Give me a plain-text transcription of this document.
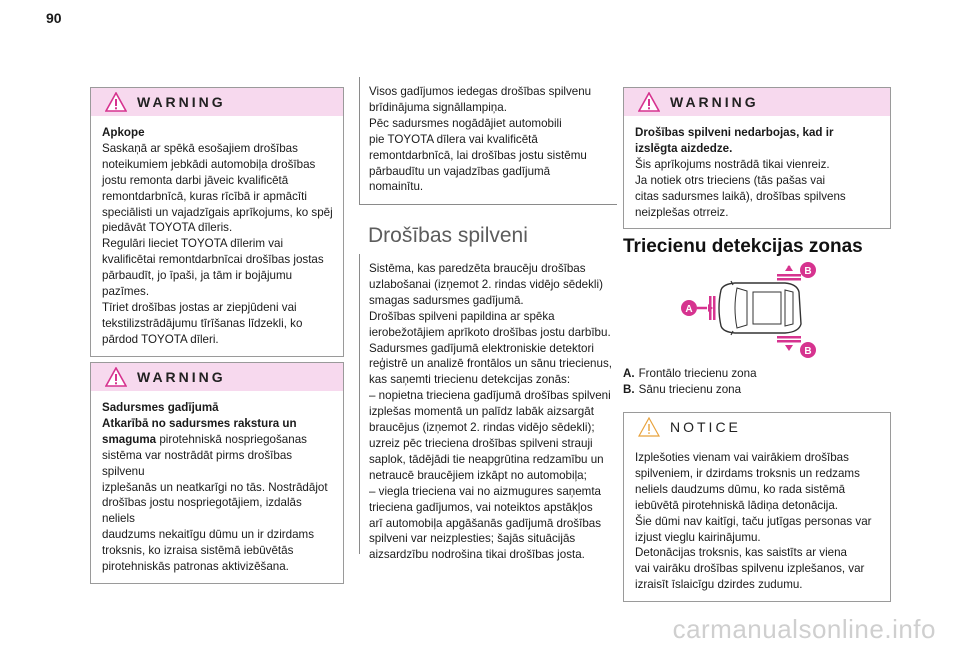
90
WARNING

Apkope

Saskaņā ar spēkā esošajiem drošības

noteikumiem jebkādi automobiļa drošības

jostu remonta darbi jāveic kvalificētā

remontdarbnīcā, kuras rīcībā ir apmācīti

speciālisti un vajadzīgais aprīkojums, ko spēj

piedāvāt TOYOTA dīleris.

Regulāri lieciet TOYOTA dīlerim vai

kvalificētai remontdarbnīcai drošības jostas

pārbaudīt, jo īpaši, ja tām ir bojājumu

pazīmes.

Tīriet drošības jostas ar ziepjūdeni vai

tekstilizstrādājumu tīrīšanas līdzekli, ko

pārdod TOYOTA dīleri.

WARNING

Sadursmes gadījumā

Atkarībā no sadursmes rakstura un

smaguma pirotehniskā nospriegošanas

sistēma var nostrādāt pirms drošības spilvenu

izplešanās un neatkarīgi no tās. Nostrādājot

drošības jostu nospriegotājiem, izdalās neliels

daudzums nekaitīgu dūmu un ir dzirdams

troksnis, ko izraisa sistēmā iebūvētās

pirotehniskās patronas aktivizēšana.

Visos gadījumos iedegas drošības spilvenu

brīdinājuma signāllampiņa.

Pēc sadursmes nogādājiet automobili

pie TOYOTA dīlera vai kvalificētā

remontdarbnīcā, lai drošības jostu sistēmu

pārbaudītu un vajadzības gadījumā

nomainītu.

Drošības spilveni

Sistēma, kas paredzēta braucēju drošības

uzlabošanai (izņemot 2. rindas vidējo sēdekli)

smagas sadursmes gadījumā.

Drošības spilveni papildina ar spēka

ierobežotājiem aprīkoto drošības jostu darbību.

Sadursmes gadījumā elektroniskie detektori

reģistrē un analizē frontālos un sānu triecienus,

kas saņemti triecienu detekcijas zonās:

– nopietna trieciena gadījumā drošības spilveni

izplešas momentā un palīdz labāk aizsargāt

braucējus (izņemot 2. rindas vidējo sēdekli);

uzreiz pēc trieciena drošības spilveni strauji

saplok, tādējādi tie neapgrūtina redzamību un

netraucē braucējiem izkāpt no automobiļa;

– viegla trieciena vai no aizmugures saņemta

trieciena gadījumos, vai noteiktos apstākļos

arī automobiļa apgāšanās gadījumā drošības

spilveni var neizplesties; šajās situācijās

aizsardzību nodrošina tikai drošības josta.

WARNING

Drošības spilveni nedarbojas, kad ir

izslēgta aizdedze.

Šis aprīkojums nostrādā tikai vienreiz.

Ja notiek otrs trieciens (tās pašas vai

citas sadursmes laikā), drošības spilvens

neizplešas otrreiz.

Triecienu detekcijas zonas
A
B
B
A. Frontālo triecienu zona
B. Sānu triecienu zona
NOTICE

Izplešoties vienam vai vairākiem drošības

spilveniem, ir dzirdams troksnis un redzams

neliels daudzums dūmu, ko rada sistēmā

iebūvētā pirotehniskā lādiņa detonācija.

Šie dūmi nav kaitīgi, taču jutīgas personas var

izjust vieglu kairinājumu.

Detonācijas troksnis, kas saistīts ar viena

vai vairāku drošības spilvenu izplešanos, var

izraisīt īslaicīgu dzirdes zudumu.

carmanualsonline.info
